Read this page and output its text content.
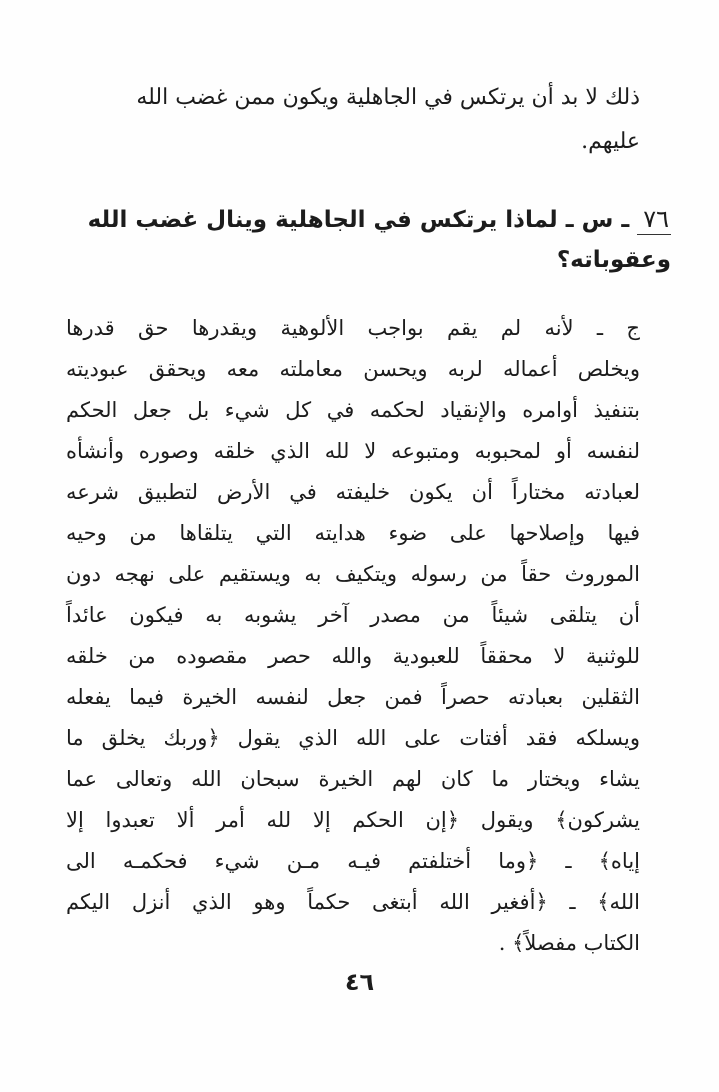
ذلك لا بد أن يرتكس في الجاهلية ويكون ممن غضب الله
عليهم.
٧٦ ـ س ـ لماذا يرتكس في الجاهلية وينال غضب الله وعقوباته؟
ج ـ لأنه لم يقم بواجب الألوهية ويقدرها حق قدرها
ويخلص أعماله لربه ويحسن معاملته معه ويحقق عبوديته
بتنفيذ أوامره والإنقياد لحكمه في كل شيء بل جعل الحكم
لنفسه أو لمحبوبه ومتبوعه لا لله الذي خلقه وصوره وأنشأه
لعبادته مختاراً أن يكون خليفته في الأرض لتطبيق شرعه
فيها وإصلاحها على ضوء هدايته التي يتلقاها من وحيه
الموروث حقاً من رسوله ويتكيف به ويستقيم على نهجه دون
أن يتلقى شيئاً من مصدر آخر يشوبه به فيكون عائداً
للوثنية لا محققاً للعبودية والله حصر مقصوده من خلقه
الثقلين بعبادته حصراً فمن جعل لنفسه الخيرة فيما يفعله
ويسلكه فقد أفتات على الله الذي يقول ﴿وربك يخلق ما
يشاء ويختار ما كان لهم الخيرة سبحان الله وتعالى عما
يشركون﴾ ويقول ﴿إن الحكم إلا لله أمر ألا تعبدوا إلا
إياه﴾ ـ ﴿وما أختلفتم فيـه مـن شيء فحكمـه الى
الله﴾ ـ ﴿أفغير الله أبتغى حكماً وهو الذي أنزل اليكم
الكتاب مفصلاً﴾ .
٤٦
